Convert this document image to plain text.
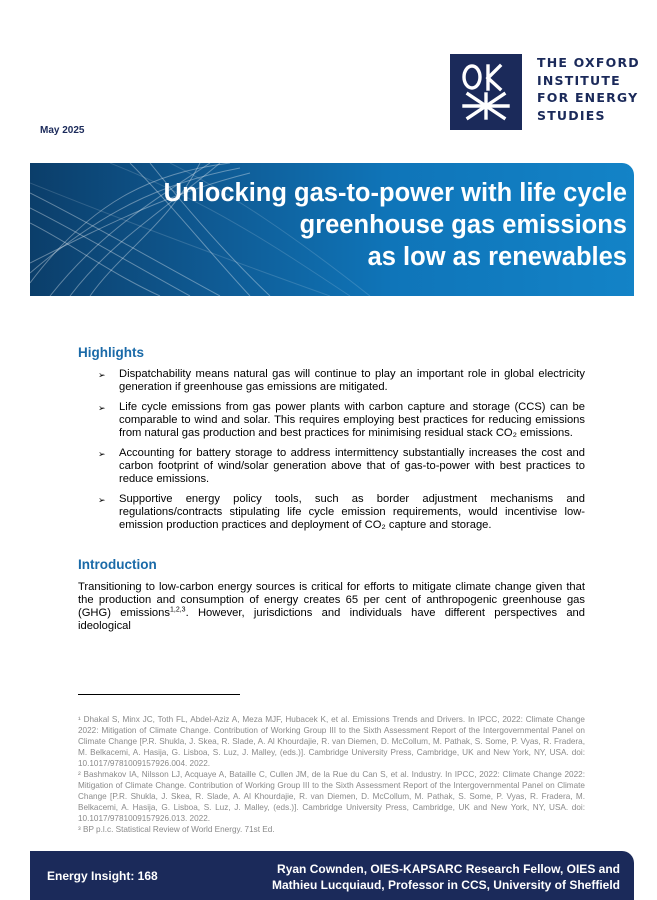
THE OXFORD
INSTITUTE
FOR ENERGY
STUDIES
May 2025
Unlocking gas-to-power with life cycle
greenhouse gas emissions
as low as renewables
Highlights
➢	Dispatchability means natural gas will continue to play an important role in global electricity generation if greenhouse gas emissions are mitigated.
➢	Life cycle emissions from gas power plants with carbon capture and storage (CCS) can be comparable to wind and solar. This requires employing best practices for reducing emissions from natural gas production and best practices for minimising residual stack CO₂ emissions.
➢	Accounting for battery storage to address intermittency substantially increases the cost and carbon footprint of wind/solar generation above that of gas-to-power with best practices to reduce emissions.
➢	Supportive energy policy tools, such as border adjustment mechanisms and regulations/contracts stipulating life cycle emission requirements, would incentivise low-emission production practices and deployment of CO₂ capture and storage.
Introduction
Transitioning to low-carbon energy sources is critical for efforts to mitigate climate change given that the production and consumption of energy creates 65 per cent of anthropogenic greenhouse gas (GHG) emissions$^{1,2,3}$. However, jurisdictions and individuals have different perspectives and ideological

¹ Dhakal S, Minx JC, Toth FL, Abdel-Aziz A, Meza MJF, Hubacek K, et al. Emissions Trends and Drivers. In IPCC, 2022: Climate Change 2022: Mitigation of Climate Change. Contribution of Working Group III to the Sixth Assessment Report of the Intergovernmental Panel on Climate Change [P.R. Shukla, J. Skea, R. Slade, A. Al Khourdajie, R. van Diemen, D. McCollum, M. Pathak, S. Some, P. Vyas, R. Fradera, M. Belkacemi, A. Hasija, G. Lisboa, S. Luz, J. Malley, (eds.)]. Cambridge University Press, Cambridge, UK and New York, NY, USA. doi: 10.1017/9781009157926.004. 2022.

² Bashmakov IA, Nilsson LJ, Acquaye A, Bataille C, Cullen JM, de la Rue du Can S, et al. Industry. In IPCC, 2022: Climate Change 2022: Mitigation of Climate Change. Contribution of Working Group III to the Sixth Assessment Report of the Intergovernmental Panel on Climate Change [P.R. Shukla, J. Skea, R. Slade, A. Al Khourdajie, R. van Diemen, D. McCollum, M. Pathak, S. Some, P. Vyas, R. Fradera, M. Belkacemi, A. Hasija, G. Lisboa, S. Luz, J. Malley, (eds.)]. Cambridge University Press, Cambridge, UK and New York, NY, USA. doi: 10.1017/9781009157926.013. 2022.

³ BP p.l.c. Statistical Review of World Energy. 71st Ed.

Energy Insight: 168	Ryan Cownden, OIES-KAPSARC Research Fellow, OIES and
Mathieu Lucquiaud, Professor in CCS, University of Sheffield
